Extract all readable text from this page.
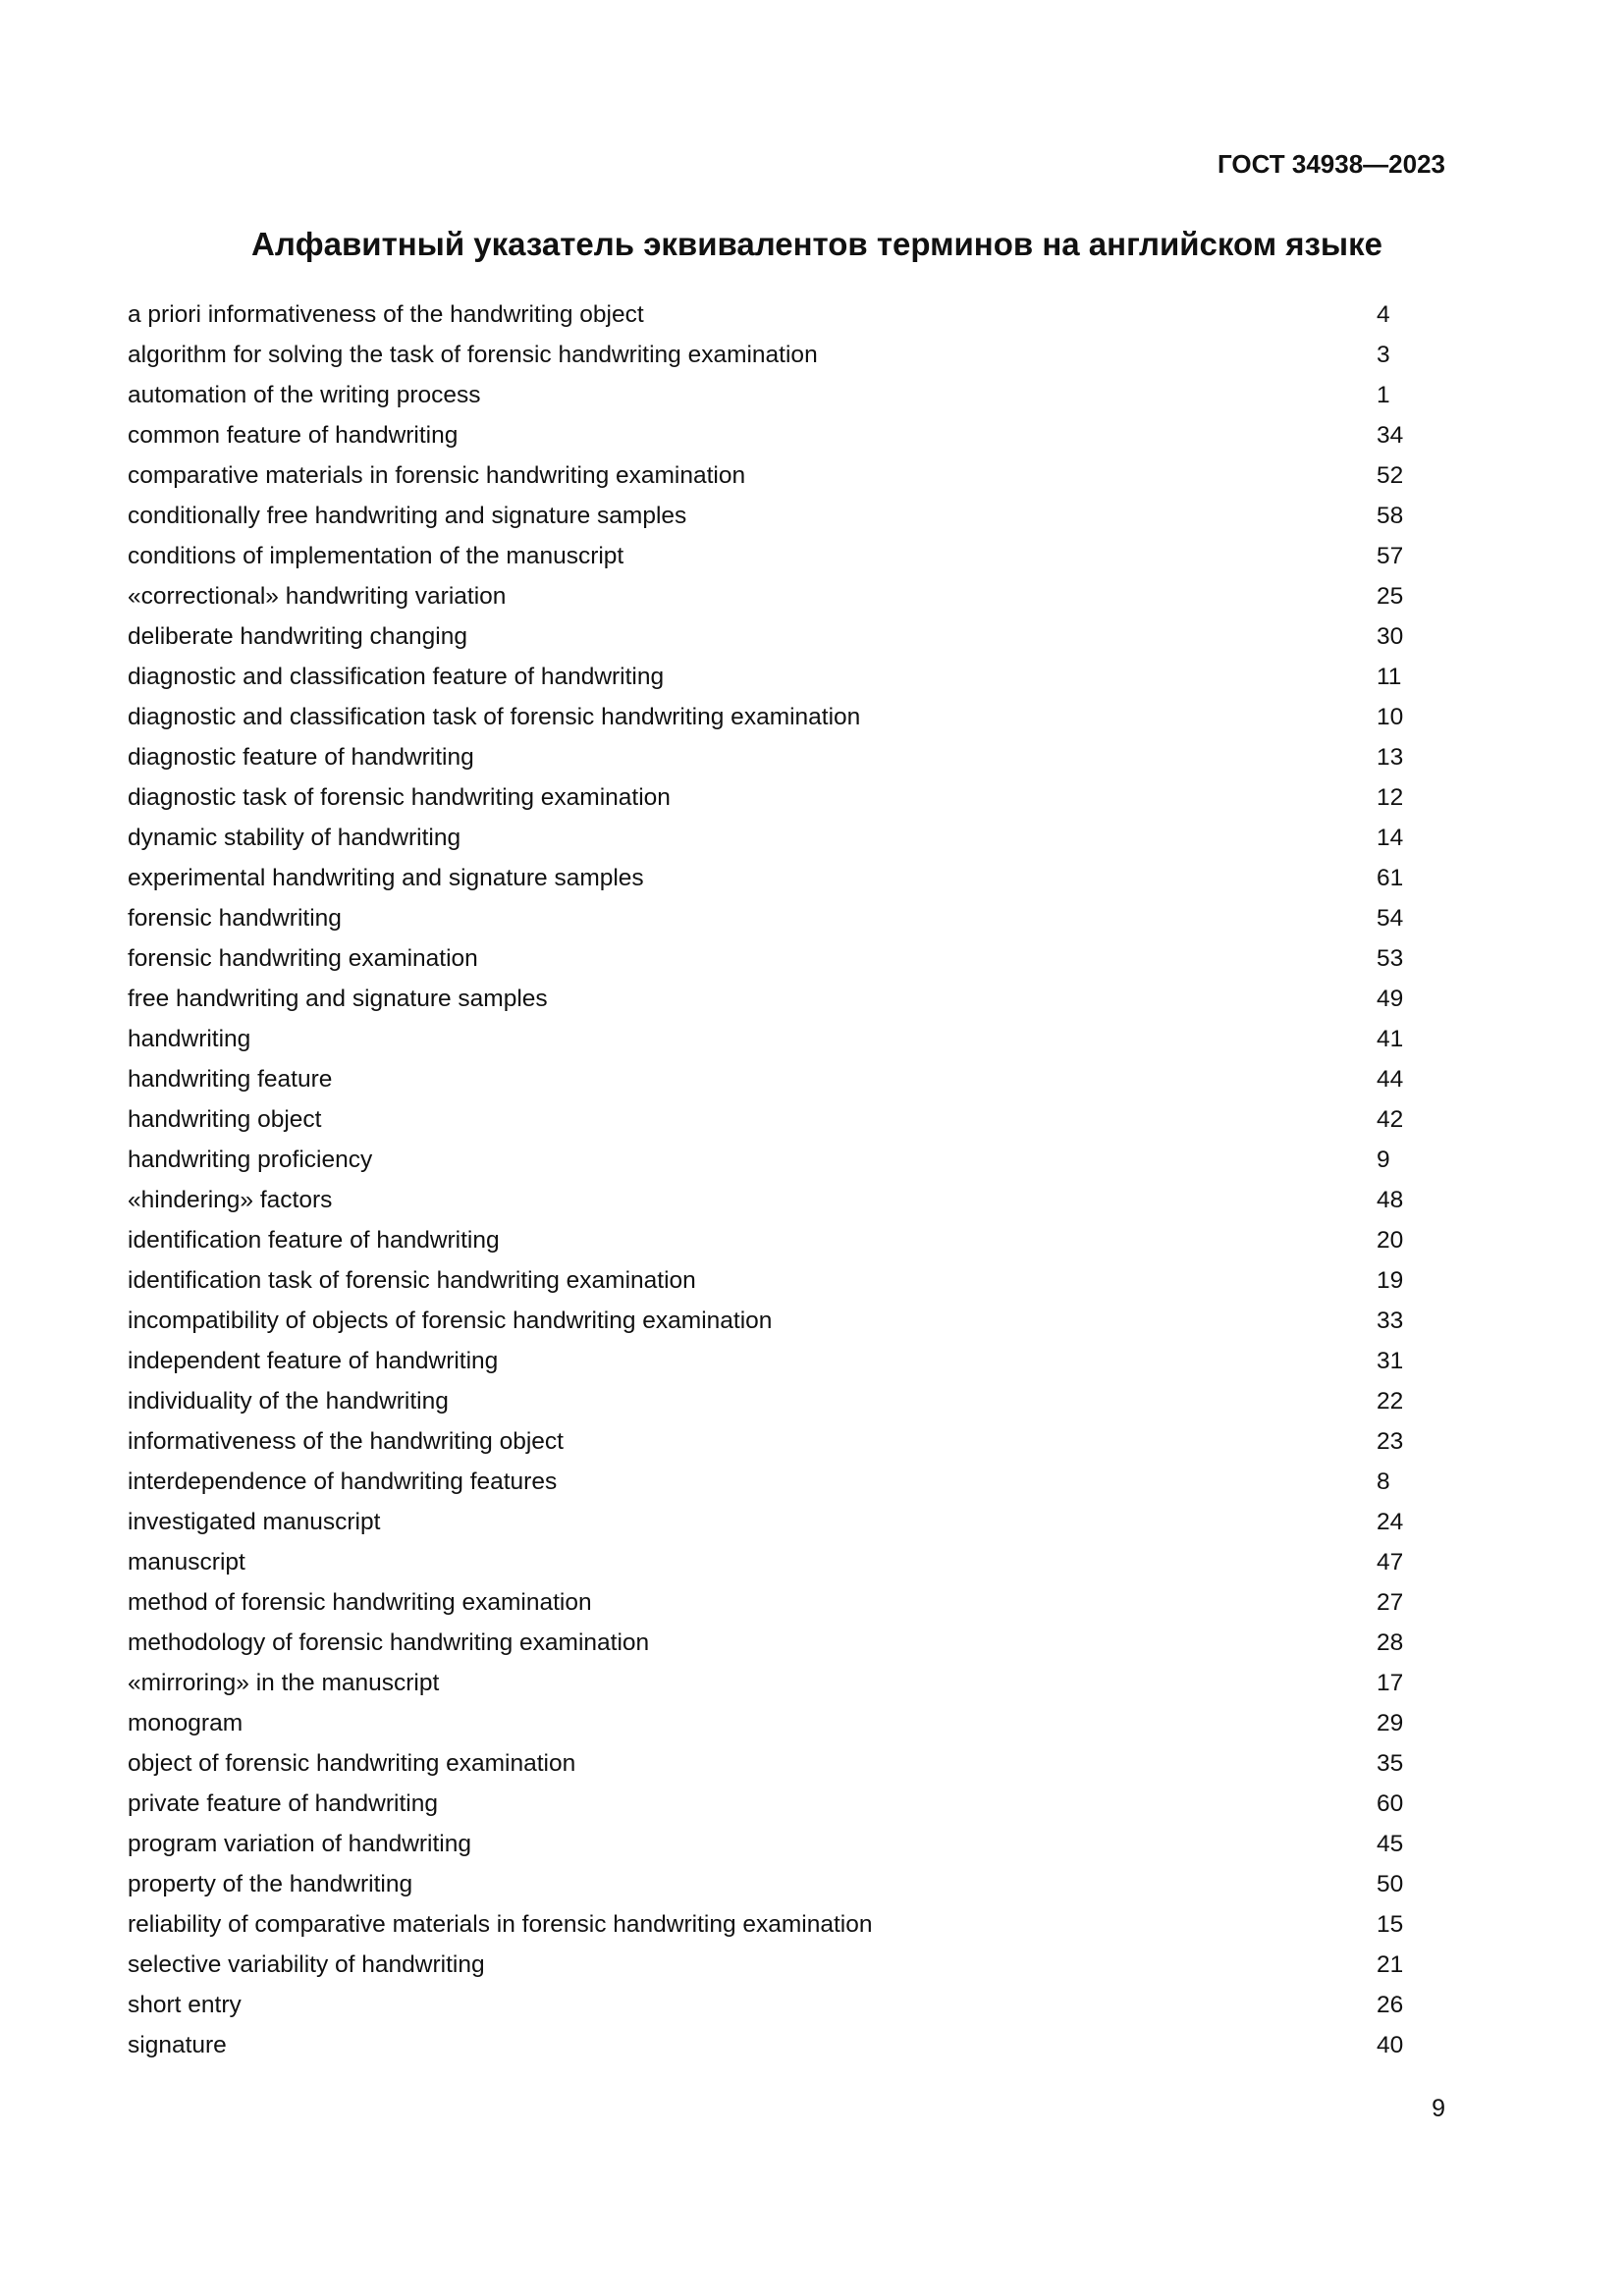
ГОСТ 34938—2023

Алфавитный указатель эквивалентов терминов на английском языке
a priori informativeness of the handwriting object	4
algorithm for solving the task of forensic handwriting examination	3
automation of the writing process	1
common feature of handwriting	34
comparative materials in forensic handwriting examination	52
conditionally free handwriting and signature samples	58
conditions of implementation of the manuscript	57
«correctional» handwriting variation	25
deliberate handwriting changing	30
diagnostic and classification feature of handwriting	11
diagnostic and classification task of forensic handwriting examination	10
diagnostic feature of handwriting	13
diagnostic task of forensic handwriting examination	12
dynamic stability of handwriting	14
experimental handwriting and signature samples	61
forensic handwriting	54
forensic handwriting examination	53
free handwriting and signature samples	49
handwriting	41
handwriting feature	44
handwriting object	42
handwriting proficiency	9
«hindering» factors	48
identification feature of handwriting	20
identification task of forensic handwriting examination	19
incompatibility of objects of forensic handwriting examination	33
independent feature of handwriting	31
individuality of the handwriting	22
informativeness of the handwriting object	23
interdependence of handwriting features	8
investigated manuscript	24
manuscript	47
method of forensic handwriting examination	27
methodology of forensic handwriting examination	28
«mirroring» in the manuscript	17
monogram	29
object of forensic handwriting examination	35
private feature of handwriting	60
program variation of handwriting	45
property of the handwriting	50
reliability of comparative materials in forensic handwriting examination	15
selective variability of handwriting	21
short entry	26
signature	40

9
